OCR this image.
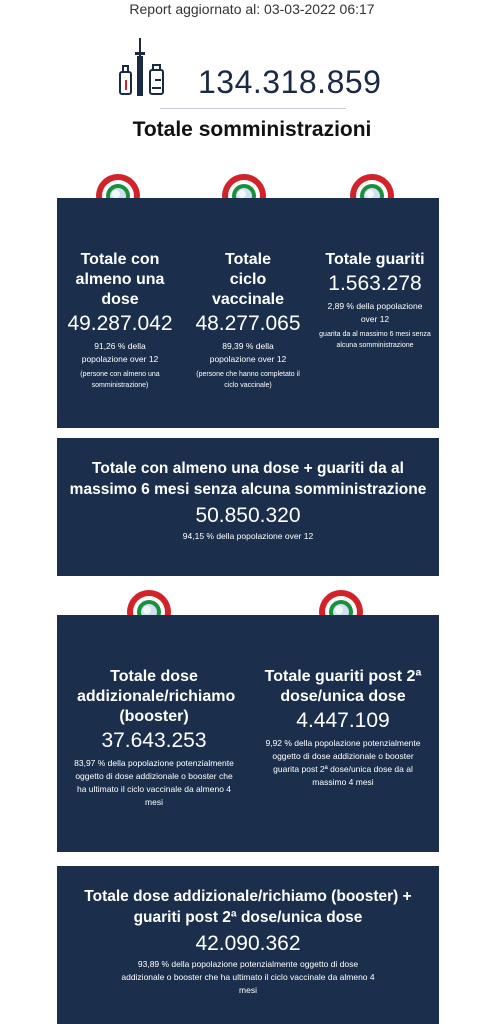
Report aggiornato al: 03-03-2022 06:17
134.318.859
Totale somministrazioni
Totale con almeno una dose
49.287.042
91,26 % della popolazione over 12
(persone con almeno una somministrazione)
Totale ciclo vaccinale
48.277.065
89,39 % della popolazione over 12
(persone che hanno completato il ciclo vaccinale)
Totale guariti
1.563.278
2,89 % della popolazione over 12
guarita da al massimo 6 mesi senza alcuna somministrazione
Totale con almeno una dose + guariti da al massimo 6 mesi senza alcuna somministrazione
50.850.320
94,15 % della popolazione over 12
Totale dose addizionale/richiamo (booster)
37.643.253
83,97 % della popolazione potenzialmente oggetto di dose addizionale o booster che ha ultimato il ciclo vaccinale da almeno 4 mesi
Totale guariti post 2ª dose/unica dose
4.447.109
9,92 % della popolazione potenzialmente oggetto di dose addizionale o booster guarita post 2ª dose/unica dose da al massimo 4 mesi
Totale dose addizionale/richiamo (booster) + guariti post 2ª dose/unica dose
42.090.362
93,89 % della popolazione potenzialmente oggetto di dose addizionale o booster che ha ultimato il ciclo vaccinale da almeno 4 mesi
